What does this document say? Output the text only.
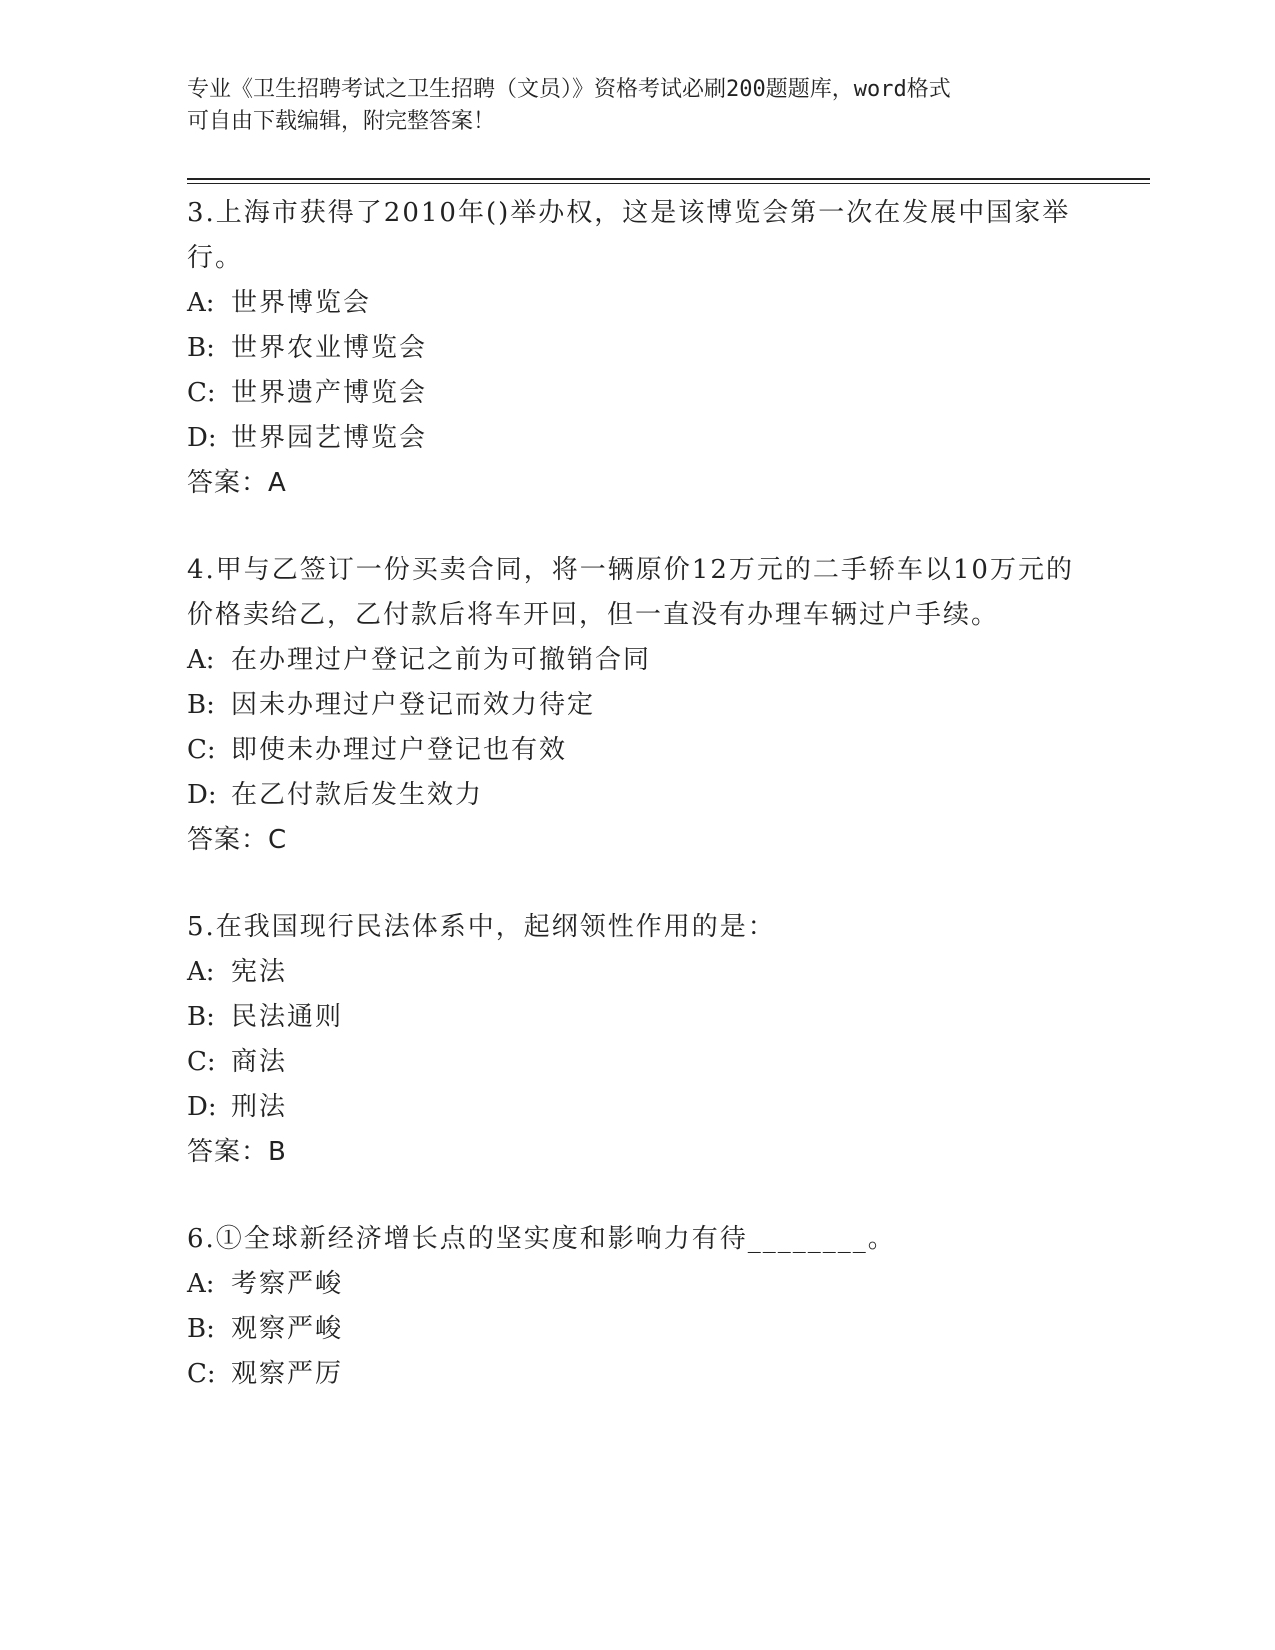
专业《卫生招聘考试之卫生招聘（文员）》资格考试必刷200题题库，word格式
可自由下载编辑，附完整答案！
3.上海市获得了2010年()举办权，这是该博览会第一次在发展中国家举行。
A: 世界博览会
B: 世界农业博览会
C: 世界遗产博览会
D: 世界园艺博览会
答案：A
4.甲与乙签订一份买卖合同，将一辆原价12万元的二手轿车以10万元的价格卖给乙，乙付款后将车开回，但一直没有办理车辆过户手续。
A: 在办理过户登记之前为可撤销合同
B: 因未办理过户登记而效力待定
C: 即使未办理过户登记也有效
D: 在乙付款后发生效力
答案：C
5.在我国现行民法体系中，起纲领性作用的是：
A: 宪法
B: 民法通则
C: 商法
D: 刑法
答案：B
6.①全球新经济增长点的坚实度和影响力有待________。
A: 考察严峻
B: 观察严峻
C: 观察严厉
